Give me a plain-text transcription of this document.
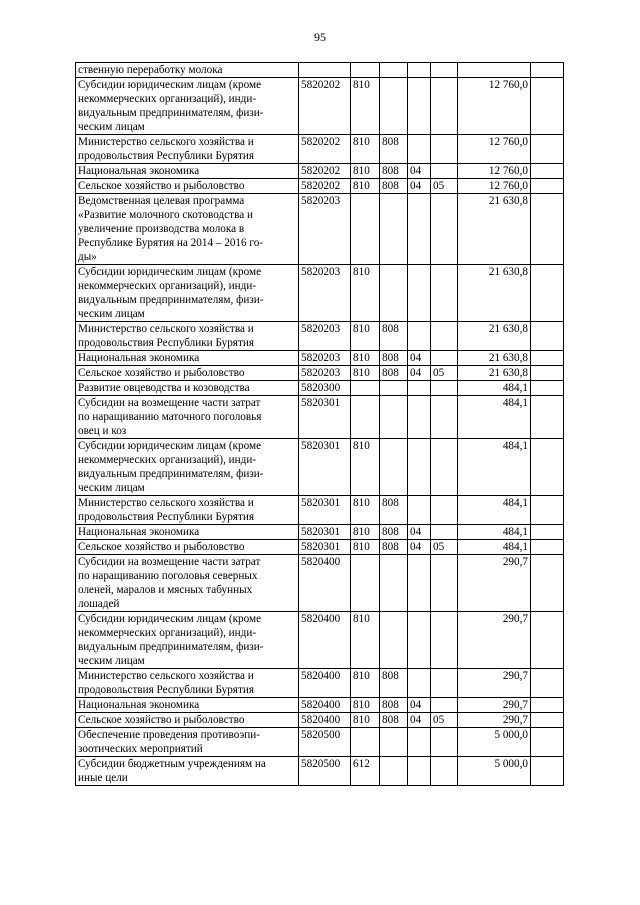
95
ственную переработку молока							
Субсидии юридическим лицам (кроме
некоммерческих организаций), инди-
видуальным предпринимателям, физи-
ческим лицам	5820202	810				12 760,0	
Министерство сельского хозяйства и
продовольствия Республики Бурятия	5820202	810	808			12 760,0	
Национальная экономика	5820202	810	808	04		12 760,0	
Сельское хозяйство и рыболовство	5820202	810	808	04	05	12 760,0	
Ведомственная целевая программа
«Развитие молочного скотоводства и
увеличение производства молока в
Республике Бурятия на 2014 – 2016 го-
ды»	5820203					21 630,8	
Субсидии юридическим лицам (кроме
некоммерческих организаций), инди-
видуальным предпринимателям, физи-
ческим лицам	5820203	810				21 630,8	
Министерство сельского хозяйства и
продовольствия Республики Бурятия	5820203	810	808			21 630,8	
Национальная экономика	5820203	810	808	04		21 630,8	
Сельское хозяйство и рыболовство	5820203	810	808	04	05	21 630,8	
Развитие овцеводства и козоводства	5820300					484,1	
Субсидии на возмещение части затрат
по наращиванию маточного поголовья
овец и коз	5820301					484,1	
Субсидии юридическим лицам (кроме
некоммерческих организаций), инди-
видуальным предпринимателям, физи-
ческим лицам	5820301	810				484,1	
Министерство сельского хозяйства и
продовольствия Республики Бурятия	5820301	810	808			484,1	
Национальная экономика	5820301	810	808	04		484,1	
Сельское хозяйство и рыболовство	5820301	810	808	04	05	484,1	
Субсидии на возмещение части затрат
по наращиванию поголовья северных
оленей, маралов и мясных табунных
лошадей	5820400					290,7	
Субсидии юридическим лицам (кроме
некоммерческих организаций), инди-
видуальным предпринимателям, физи-
ческим лицам	5820400	810				290,7	
Министерство сельского хозяйства и
продовольствия Республики Бурятия	5820400	810	808			290,7	
Национальная экономика	5820400	810	808	04		290,7	
Сельское хозяйство и рыболовство	5820400	810	808	04	05	290,7	
Обеспечение проведения противоэпи-
зоотических мероприятий	5820500					5 000,0	
Субсидии бюджетным учреждениям на
иные цели	5820500	612				5 000,0	
